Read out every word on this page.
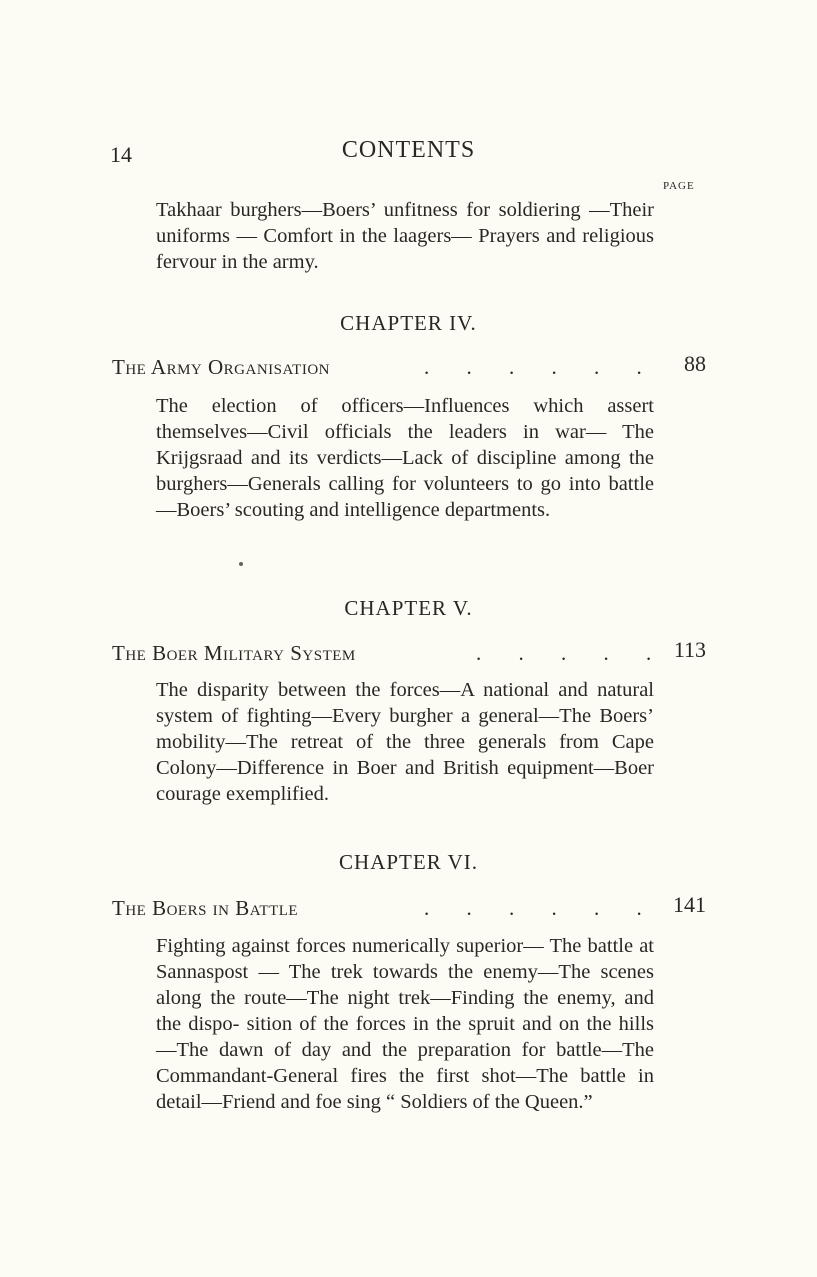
14	CONTENTS
PAGE
Takhaar burghers—Boers’ unfitness for soldiering —Their uniforms — Comfort in the laagers— Prayers and religious fervour in the army.
CHAPTER IV.
The Army Organisation	. . . . . . 88
The election of officers—Influences which assert themselves—Civil officials the leaders in war— The Krijgsraad and its verdicts—Lack of discipline among the burghers—Generals calling for volunteers to go into battle—Boers’ scouting and intelligence departments.
CHAPTER V.
The Boer Military System	. . . . . 113
The disparity between the forces—A national and natural system of fighting—Every burgher a general—The Boers’ mobility—The retreat of the three generals from Cape Colony—Difference in Boer and British equipment—Boer courage exemplified.
CHAPTER VI.
The Boers in Battle	. . . . . . 141
Fighting against forces numerically superior— The battle at Sannaspost — The trek towards the enemy—The scenes along the route—The night trek—Finding the enemy, and the dispo- sition of the forces in the spruit and on the hills —The dawn of day and the preparation for battle—The Commandant-General fires the first shot—The battle in detail—Friend and foe sing “ Soldiers of the Queen.”
